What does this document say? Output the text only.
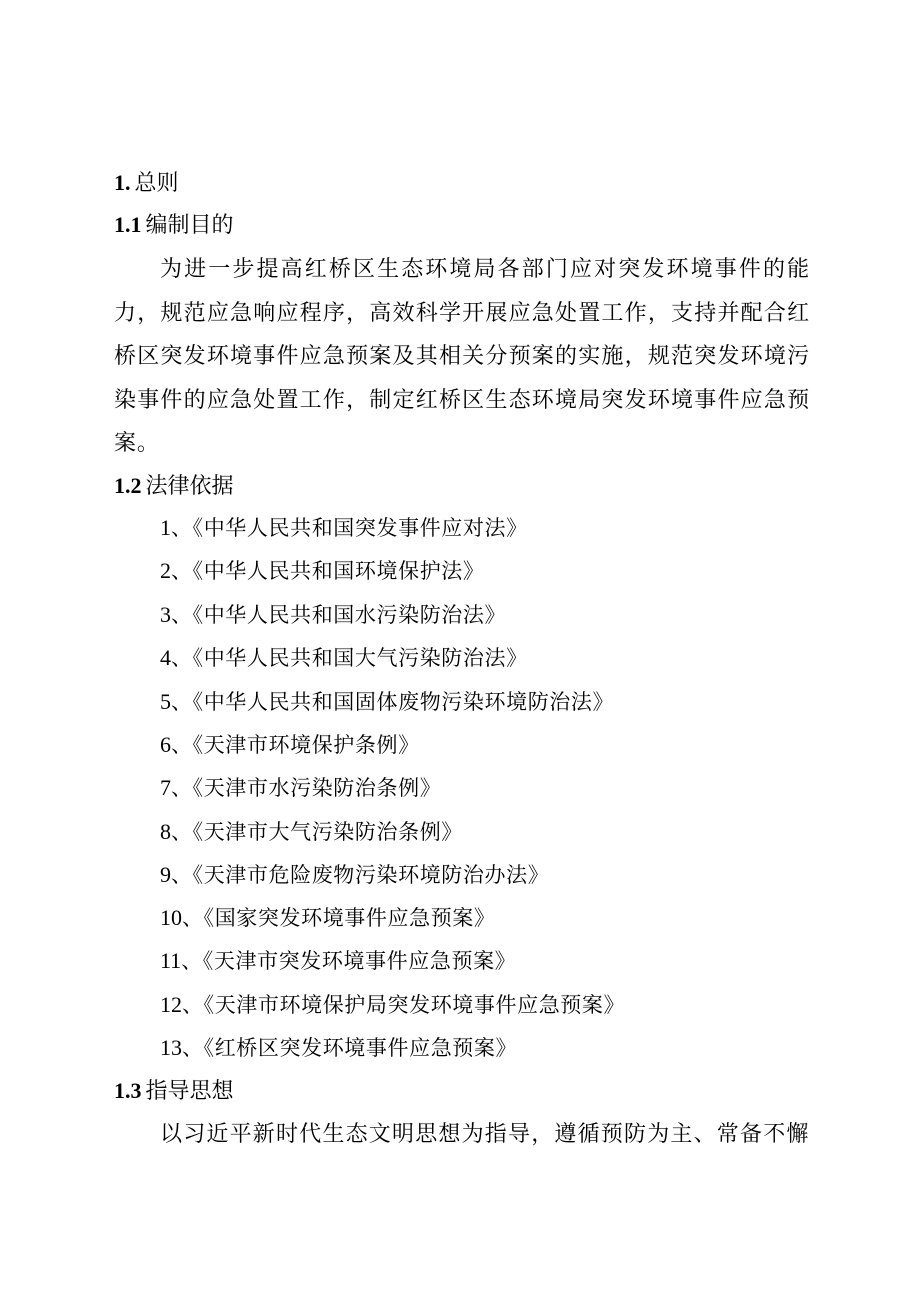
1. 总则
1.1 编制目的
为进一步提高红桥区生态环境局各部门应对突发环境事件的能力，规范应急响应程序，高效科学开展应急处置工作，支持并配合红桥区突发环境事件应急预案及其相关分预案的实施，规范突发环境污染事件的应急处置工作，制定红桥区生态环境局突发环境事件应急预案。
1.2 法律依据
1、《中华人民共和国突发事件应对法》
2、《中华人民共和国环境保护法》
3、《中华人民共和国水污染防治法》
4、《中华人民共和国大气污染防治法》
5、《中华人民共和国固体废物污染环境防治法》
6、《天津市环境保护条例》
7、《天津市水污染防治条例》
8、《天津市大气污染防治条例》
9、《天津市危险废物污染环境防治办法》
10、《国家突发环境事件应急预案》
11、《天津市突发环境事件应急预案》
12、《天津市环境保护局突发环境事件应急预案》
13、《红桥区突发环境事件应急预案》
1.3 指导思想
以习近平新时代生态文明思想为指导，遵循预防为主、常备不懈
